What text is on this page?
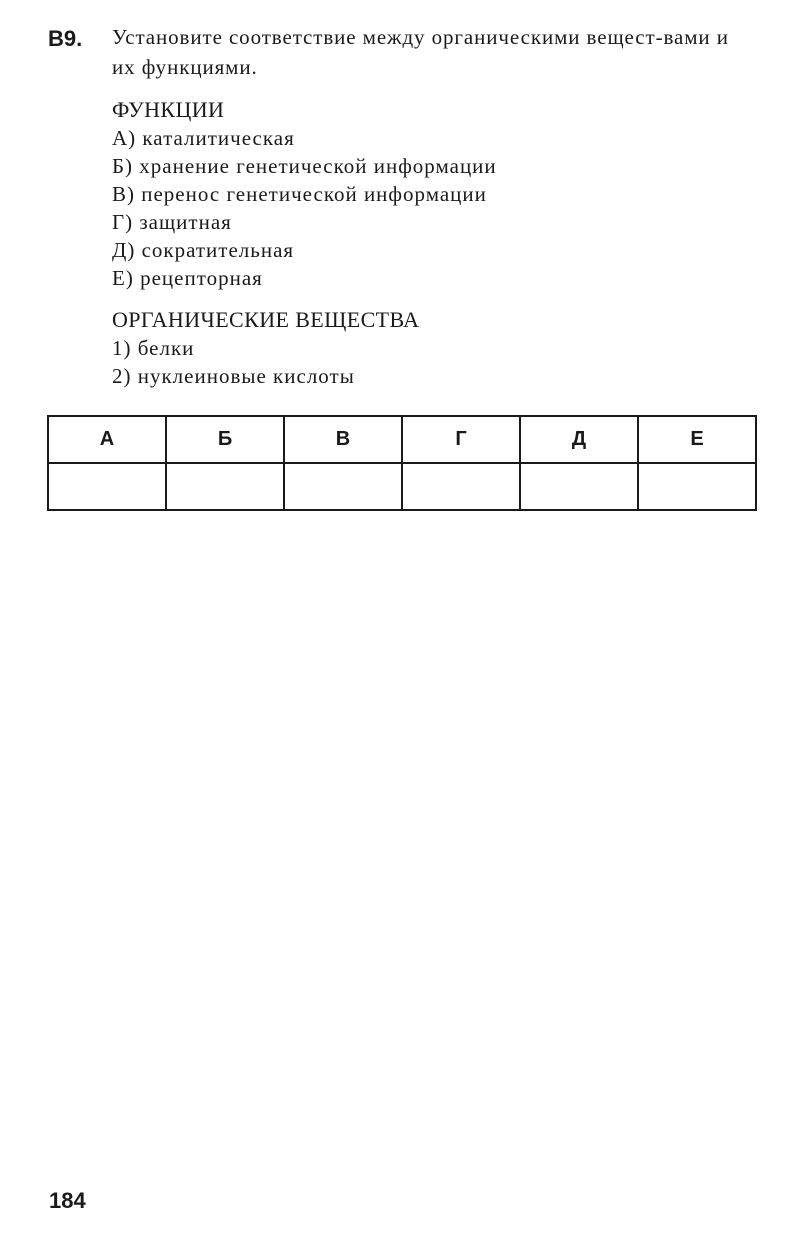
B9.	Установите соответствие между органическими вещест-вами и их функциями.

ФУНКЦИИ

А) каталитическая
Б) хранение генетической информации
В) перенос генетической информации
Г) защитная
Д) сократительная
Е) рецепторная

ОРГАНИЧЕСКИЕ ВЕЩЕСТВА

1) белки
2) нуклеиновые кислоты
А	Б	В	Г	Д	Е

184
